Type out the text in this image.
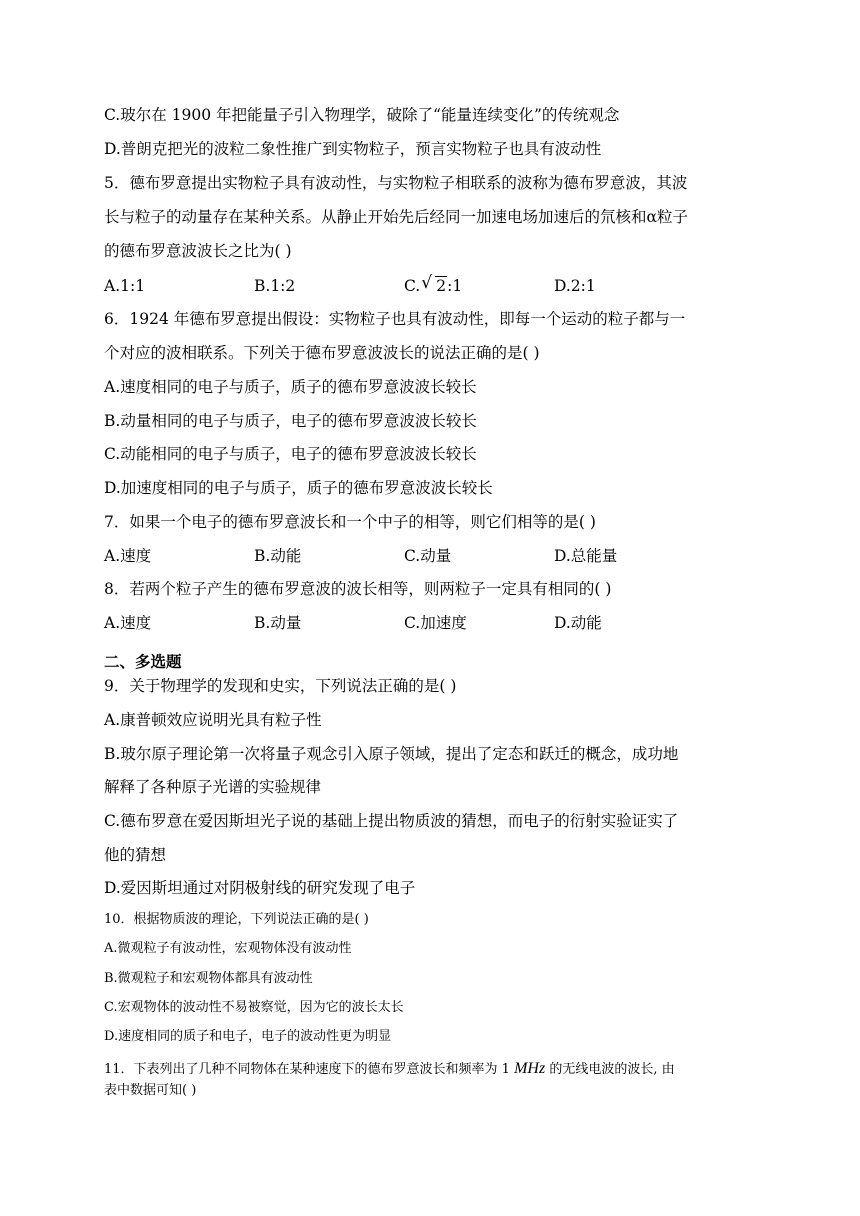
C.玻尔在 1900 年把能量子引入物理学，破除了“能量连续变化”的传统观念
D.普朗克把光的波粒二象性推广到实物粒子，预言实物粒子也具有波动性
5．德布罗意提出实物粒子具有波动性，与实物粒子相联系的波称为德布罗意波，其波
长与粒子的动量存在某种关系。从静止开始先后经同一加速电场加速后的氘核和α粒子
的德布罗意波波长之比为( )
A.1:1	B.1:2	C. √ 2:1	D.2:1
6．1924 年德布罗意提出假设：实物粒子也具有波动性，即每一个运动的粒子都与一
个对应的波相联系。下列关于德布罗意波波长的说法正确的是( )
A.速度相同的电子与质子，质子的德布罗意波波长较长
B.动量相同的电子与质子，电子的德布罗意波波长较长
C.动能相同的电子与质子，电子的德布罗意波波长较长
D.加速度相同的电子与质子，质子的德布罗意波波长较长
7．如果一个电子的德布罗意波长和一个中子的相等，则它们相等的是( )
A.速度	B.动能	C.动量	D.总能量
8．若两个粒子产生的德布罗意波的波长相等，则两粒子一定具有相同的( )
A.速度	B.动量	C.加速度	D.动能
二、多选题
9．关于物理学的发现和史实，下列说法正确的是( )
A.康普顿效应说明光具有粒子性
B.玻尔原子理论第一次将量子观念引入原子领域，提出了定态和跃迁的概念，成功地
解释了各种原子光谱的实验规律
C.德布罗意在爱因斯坦光子说的基础上提出物质波的猜想，而电子的衍射实验证实了
他的猜想
D.爱因斯坦通过对阴极射线的研究发现了电子
10．根据物质波的理论，下列说法正确的是( )
A.微观粒子有波动性，宏观物体没有波动性
B.微观粒子和宏观物体都具有波动性
C.宏观物体的波动性不易被察觉，因为它的波长太长
D.速度相同的质子和电子，电子的波动性更为明显
11．下表列出了几种不同物体在某种速度下的德布罗意波长和频率为 1 MHz 的无线电波的波长, 由
表中数据可知( )
